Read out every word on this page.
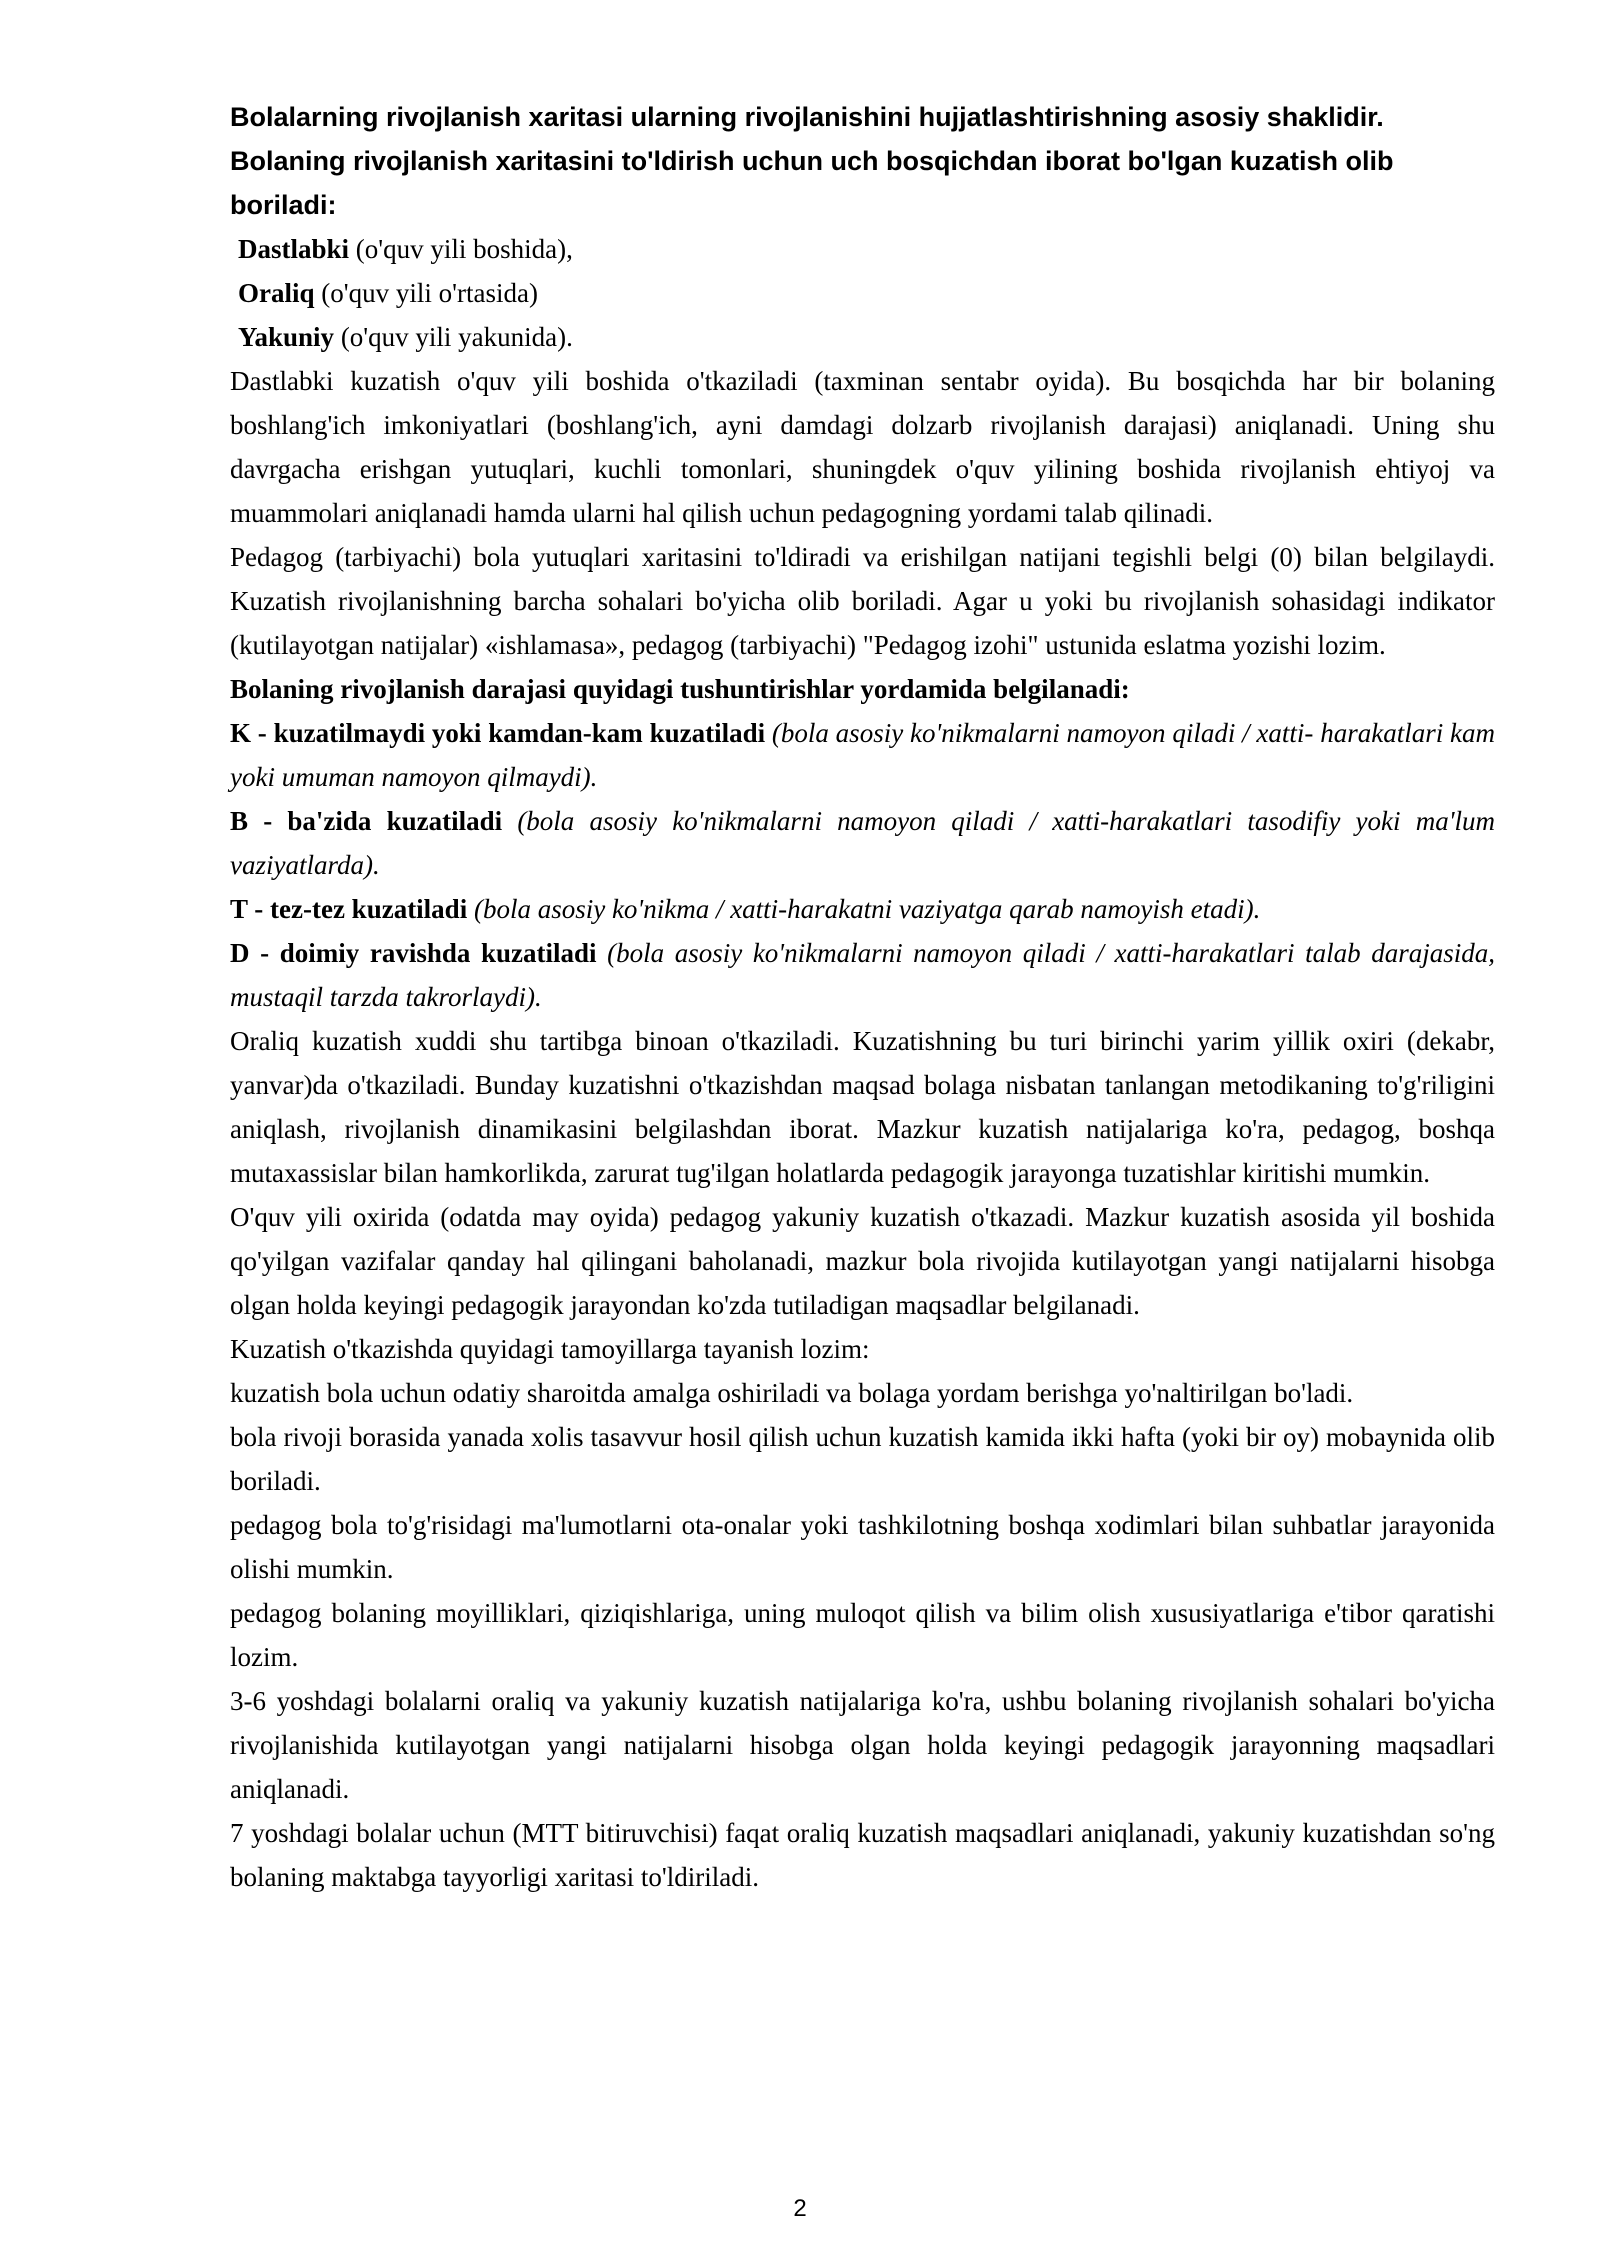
Bolalarning rivojlanish xaritasi ularning rivojlanishini hujjatlashtirishning asosiy shaklidir. Bolaning rivojlanish xaritasini to'ldirish uchun uch bosqichdan iborat bo'lgan kuzatish olib boriladi:

Dastlabki (o'quv yili boshida),
Oraliq (o'quv yili o'rtasida)
Yakuniy (o'quv yili yakunida).

Dastlabki kuzatish o'quv yili boshida o'tkaziladi (taxminan sentabr oyida). Bu bosqichda har bir bolaning boshlang'ich imkoniyatlari (boshlang'ich, ayni damdagi dolzarb rivojlanish darajasi) aniqlanadi. Uning shu davrgacha erishgan yutuqlari, kuchli tomonlari, shuningdek o'quv yilining boshida rivojlanish ehtiyoj va muammolari aniqlanadi hamda ularni hal qilish uchun pedagogning yordami talab qilinadi.

Pedagog (tarbiyachi) bola yutuqlari xaritasini to'ldiradi va erishilgan natijani tegishli belgi (0) bilan belgilaydi. Kuzatish rivojlanishning barcha sohalari bo'yicha olib boriladi. Agar u yoki bu rivojlanish sohasidagi indikator (kutilayotgan natijalar) «ishlamasa», pedagog (tarbiyachi) "Pedagog izohi" ustunida eslatma yozishi lozim.

Bolaning rivojlanish darajasi quyidagi tushuntirishlar yordamida belgilanadi:

K - kuzatilmaydi yoki kamdan-kam kuzatiladi (bola asosiy ko'nikmalarni namoyon qiladi / xatti- harakatlari kam yoki umuman namoyon qilmaydi).

B - ba'zida kuzatiladi (bola asosiy ko'nikmalarni namoyon qiladi / xatti-harakatlari tasodifiy yoki ma'lum vaziyatlarda).

T - tez-tez kuzatiladi (bola asosiy ko'nikma / xatti-harakatni vaziyatga qarab namoyish etadi).

D - doimiy ravishda kuzatiladi (bola asosiy ko'nikmalarni namoyon qiladi / xatti-harakatlari talab darajasida, mustaqil tarzda takrorlaydi).

Oraliq kuzatish xuddi shu tartibga binoan o'tkaziladi. Kuzatishning bu turi birinchi yarim yillik oxiri (dekabr, yanvar)da o'tkaziladi. Bunday kuzatishni o'tkazishdan maqsad bolaga nisbatan tanlangan metodikaning to'g'riligini aniqlash, rivojlanish dinamikasini belgilashdan iborat. Mazkur kuzatish natijalariga ko'ra, pedagog, boshqa mutaxassislar bilan hamkorlikda, zarurat tug'ilgan holatlarda pedagogik jarayonga tuzatishlar kiritishi mumkin.

O'quv yili oxirida (odatda may oyida) pedagog yakuniy kuzatish o'tkazadi. Mazkur kuzatish asosida yil boshida qo'yilgan vazifalar qanday hal qilingani baholanadi, mazkur bola rivojida kutilayotgan yangi natijalarni hisobga olgan holda keyingi pedagogik jarayondan ko'zda tutiladigan maqsadlar belgilanadi.

Kuzatish o'tkazishda quyidagi tamoyillarga tayanish lozim:

kuzatish bola uchun odatiy sharoitda amalga oshiriladi va bolaga yordam berishga yo'naltirilgan bo'ladi.

bola rivoji borasida yanada xolis tasavvur hosil qilish uchun kuzatish kamida ikki hafta (yoki bir oy) mobaynida olib boriladi.

pedagog bola to'g'risidagi ma'lumotlarni ota-onalar yoki tashkilotning boshqa xodimlari bilan suhbatlar jarayonida olishi mumkin.

pedagog bolaning moyilliklari, qiziqishlariga, uning muloqot qilish va bilim olish xususiyatlariga e'tibor qaratishi lozim.

3-6 yoshdagi bolalarni oraliq va yakuniy kuzatish natijalariga ko'ra, ushbu bolaning rivojlanish sohalari bo'yicha rivojlanishida kutilayotgan yangi natijalarni hisobga olgan holda keyingi pedagogik jarayonning maqsadlari aniqlanadi.

7 yoshdagi bolalar uchun (MTT bitiruvchisi) faqat oraliq kuzatish maqsadlari aniqlanadi, yakuniy kuzatishdan so'ng bolaning maktabga tayyorligi xaritasi to'ldiriladi.

2
